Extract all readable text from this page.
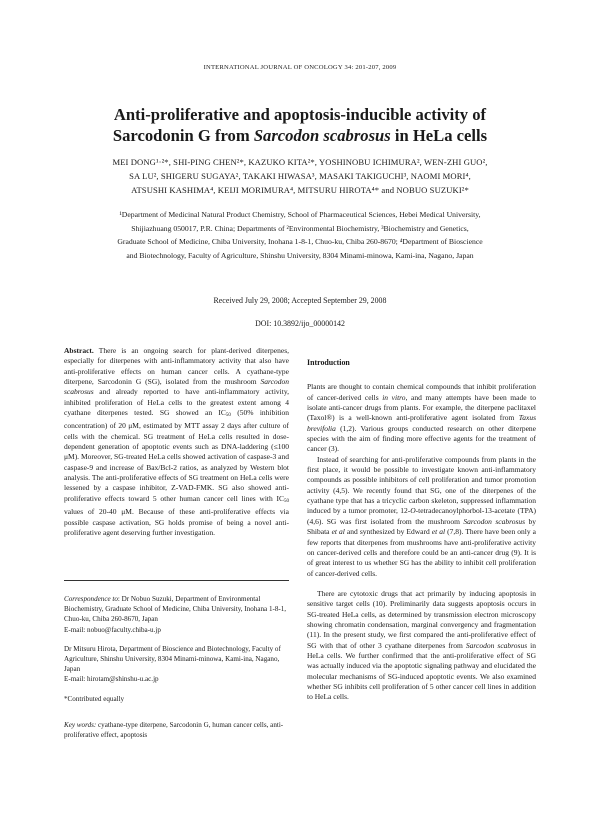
INTERNATIONAL JOURNAL OF ONCOLOGY 34: 201-207, 2009
Anti-proliferative and apoptosis-inducible activity of
Sarcodonin G from Sarcodon scabrosus in HeLa cells
MEI DONG¹·²*, SHI-PING CHEN²*, KAZUKO KITA²*, YOSHINOBU ICHIMURA², WEN-ZHI GUO²,
SA LU², SHIGERU SUGAYA², TAKAKI HIWASA³, MASAKI TAKIGUCHI³, NAOMI MORI⁴,
ATSUSHI KASHIMA⁴, KEIJI MORIMURA⁴, MITSURU HIROTA⁴* and NOBUO SUZUKI²*
¹Department of Medicinal Natural Product Chemistry, School of Pharmaceutical Sciences, Hebei Medical University,
Shijiazhuang 050017, P.R. China; Departments of ²Environmental Biochemistry, ³Biochemistry and Genetics,
Graduate School of Medicine, Chiba University, Inohana 1-8-1, Chuo-ku, Chiba 260-8670; ⁴Department of Bioscience
and Biotechnology, Faculty of Agriculture, Shinshu University, 8304 Minami-minowa, Kami-ina, Nagano, Japan
Received July 29, 2008; Accepted September 29, 2008
DOI: 10.3892/ijo_00000142

Abstract. There is an ongoing search for plant-derived diterpenes, especially for diterpenes with anti-inflammatory activity that also have anti-proliferative effects on human cancer cells. A cyathane-type diterpene, Sarcodonin G (SG), isolated from the mushroom Sarcodon scabrosus and already reported to have anti-inflammatory activity, inhibited proliferation of HeLa cells to the greatest extent among 4 cyathane diterpenes tested. SG showed an $IC_{50}$ (50% inhibition concentration) of 20 μM, estimated by MTT assay 2 days after culture of cells with the chemical. SG treatment of HeLa cells resulted in dose-dependent generation of apoptotic events such as DNA-laddering (≤100 μM). Moreover, SG-treated HeLa cells showed activation of caspase-3 and caspase-9 and increase of Bax/Bcl-2 ratios, as analyzed by Western blot analysis. The anti-proliferative effects of SG treatment on HeLa cells were lessened by a caspase inhibitor, Z-VAD-FMK. SG also showed anti-proliferative effects toward 5 other human cancer cell lines with $IC_{50}$ values of 20-40 μM. Because of these anti-proliferative effects via possible caspase activation, SG holds promise of being a novel anti-proliferative agent deserving further investigation.

Correspondence to: Dr Nobuo Suzuki, Department of Environmental Biochemistry, Graduate School of Medicine, Chiba University, Inohana 1-8-1, Chuo-ku, Chiba 260-8670, Japan

E-mail: nobuo@faculty.chiba-u.jp

Dr Mitsuru Hirota, Department of Bioscience and Biotechnology, Faculty of Agriculture, Shinshu University, 8304 Minami-minowa, Kami-ina, Nagano, Japan

E-mail: hirotam@shinshu-u.ac.jp

*Contributed equally

Key words: cyathane-type diterpene, Sarcodonin G, human cancer cells, anti-proliferative effect, apoptosis

Introduction

Plants are thought to contain chemical compounds that inhibit proliferation of cancer-derived cells in vitro, and many attempts have been made to isolate anti-cancer drugs from plants. For example, the diterpene paclitaxel (Taxol®) is a well-known anti-proliferative agent isolated from Taxus brevifolia (1,2). Various groups conducted research on other diterpene species with the aim of finding more effective agents for the treatment of cancer (3).

Instead of searching for anti-proliferative compounds from plants in the first place, it would be possible to investigate known anti-inflammatory compounds as possible inhibitors of cell proliferation and tumor promotion activity (4,5). We recently found that SG, one of the diterpenes of the cyathane type that has a tricyclic carbon skeleton, suppressed inflammation induced by a tumor promoter, 12-O-tetradecanoylphorbol-13-acetate (TPA) (4,6). SG was first isolated from the mushroom Sarcodon scabrosus by Shibata et al and synthesized by Edward et al (7,8). There have been only a few reports that diterpenes from mushrooms have anti-proliferative activity on cancer-derived cells and therefore could be an anti-cancer drug (9). It is of great interest to us whether SG has the ability to inhibit cell proliferation of cancer-derived cells.

There are cytotoxic drugs that act primarily by inducing apoptosis in sensitive target cells (10). Preliminarily data suggests apoptosis occurs in SG-treated HeLa cells, as determined by transmission electron microscopy showing chromatin condensation, marginal convergency and fragmentation (11). In the present study, we first compared the anti-proliferative effect of SG with that of other 3 cyathane diterpenes from Sarcodon scabrosus in HeLa cells. We further confirmed that the anti-proliferative effect of SG was actually induced via the apoptotic signaling pathway and elucidated the molecular mechanisms of SG-induced apoptotic events. We also examined whether SG inhibits cell proliferation of 5 other cancer cell lines in addition to HeLa cells.
